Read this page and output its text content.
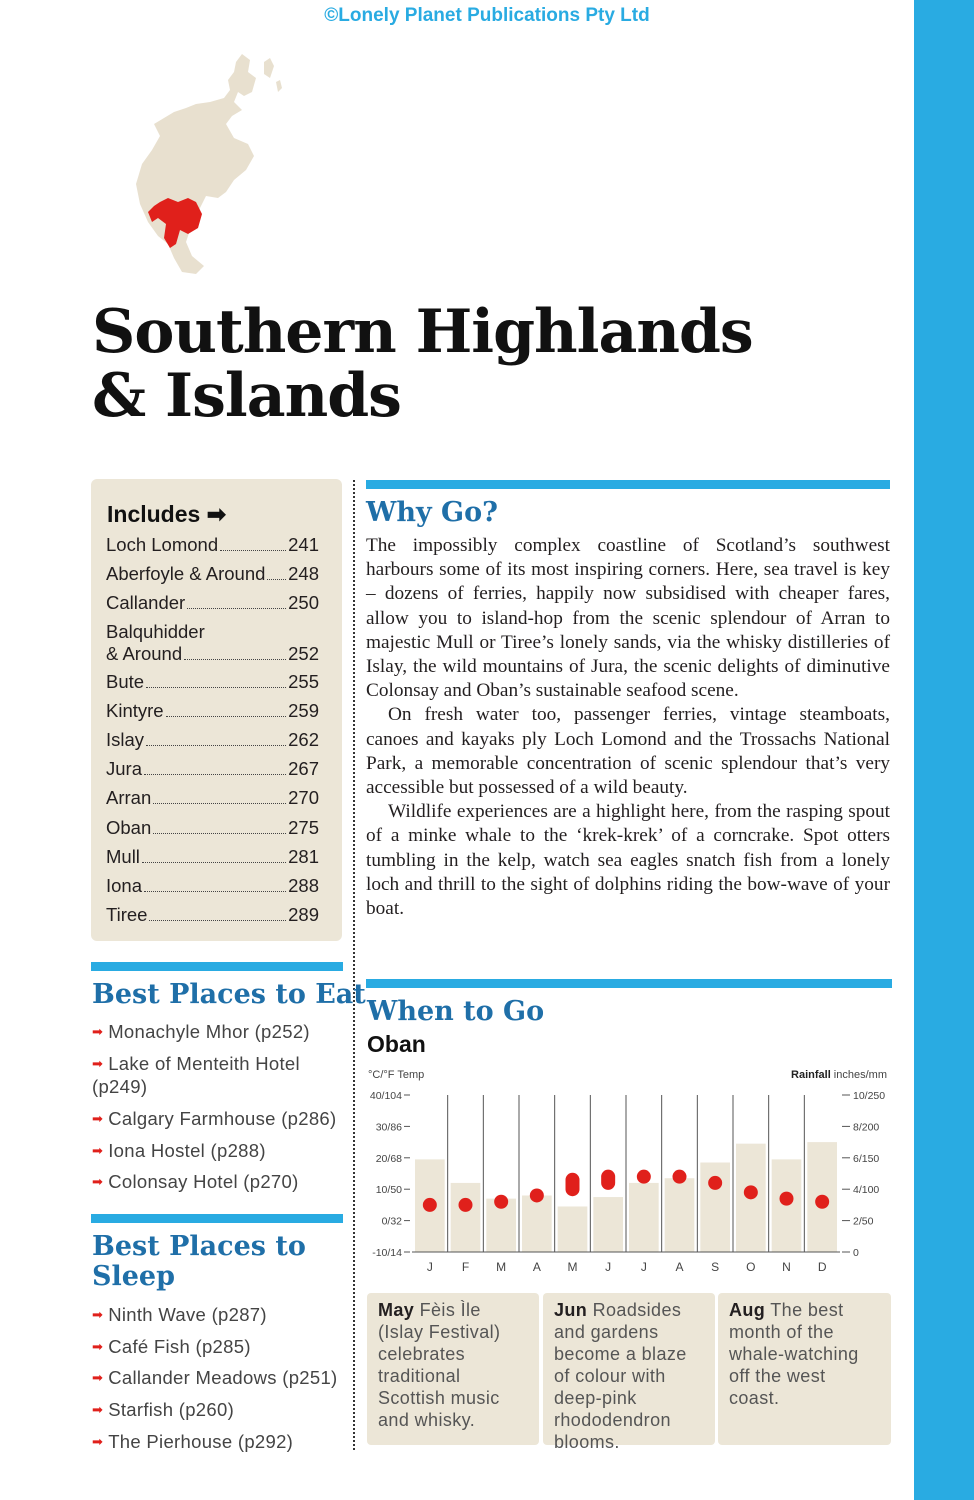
©Lonely Planet Publications Pty Ltd
Southern Highlands
& Islands
Includes ➡
Loch Lomond	241
Aberfoyle & Around 248
Callander	250
Balquhidder
& Around	252
Bute	255
Kintyre	259
Islay	262
Jura	267
Arran	270
Oban	275
Mull	281
Iona	288
Tiree	289
Best Places to Eat
➡ Monachyle Mhor (p252)
➡ Lake of Menteith Hotel (p249)
➡ Calgary Farmhouse (p286)
➡ Iona Hostel (p288)
➡ Colonsay Hotel (p270)
Best Places to
Sleep
➡ Ninth Wave (p287)
➡ Café Fish (p285)
➡ Callander Meadows (p251)
➡ Starfish (p260)
➡ The Pierhouse (p292)
Why Go?

The impossibly complex coastline of Scotland’s southwest harbours some of its most inspiring corners. Here, sea travel is key – dozens of ferries, happily now subsidised with cheaper fares, allow you to island-hop from the scenic splendour of Arran to majestic Mull or Tiree’s lonely sands, via the whisky distilleries of Islay, the wild mountains of Jura, the scenic delights of diminutive Colonsay and Oban’s sustainable seafood scene.

On fresh water too, passenger ferries, vintage steamboats, canoes and kayaks ply Loch Lomond and the Trossachs National Park, a memorable concentration of scenic splendour that’s very accessible but possessed of a wild beauty.

Wildlife experiences are a highlight here, from the rasping spout of a minke whale to the ‘krek-krek’ of a corncrake. Spot otters tumbling in the kelp, watch sea eagles snatch fish from a lonely loch and thrill to the sight of dolphins riding the bow-wave of your boat.

When to Go
Oban
°C/°F Temp	Rainfall inches/mm
40/104
30/86
20/68
10/50
0/32
-10/14
10/250
8/200
6/150
4/100
2/50
0
J F M A M J J A S O N D
May Fèis Ìle (Islay Festival) celebrates traditional Scottish music and whisky.
Jun Roadsides and gardens become a blaze of colour with deep-pink rhododendron blooms.
Aug The best month of the whale-watching off the west coast.
